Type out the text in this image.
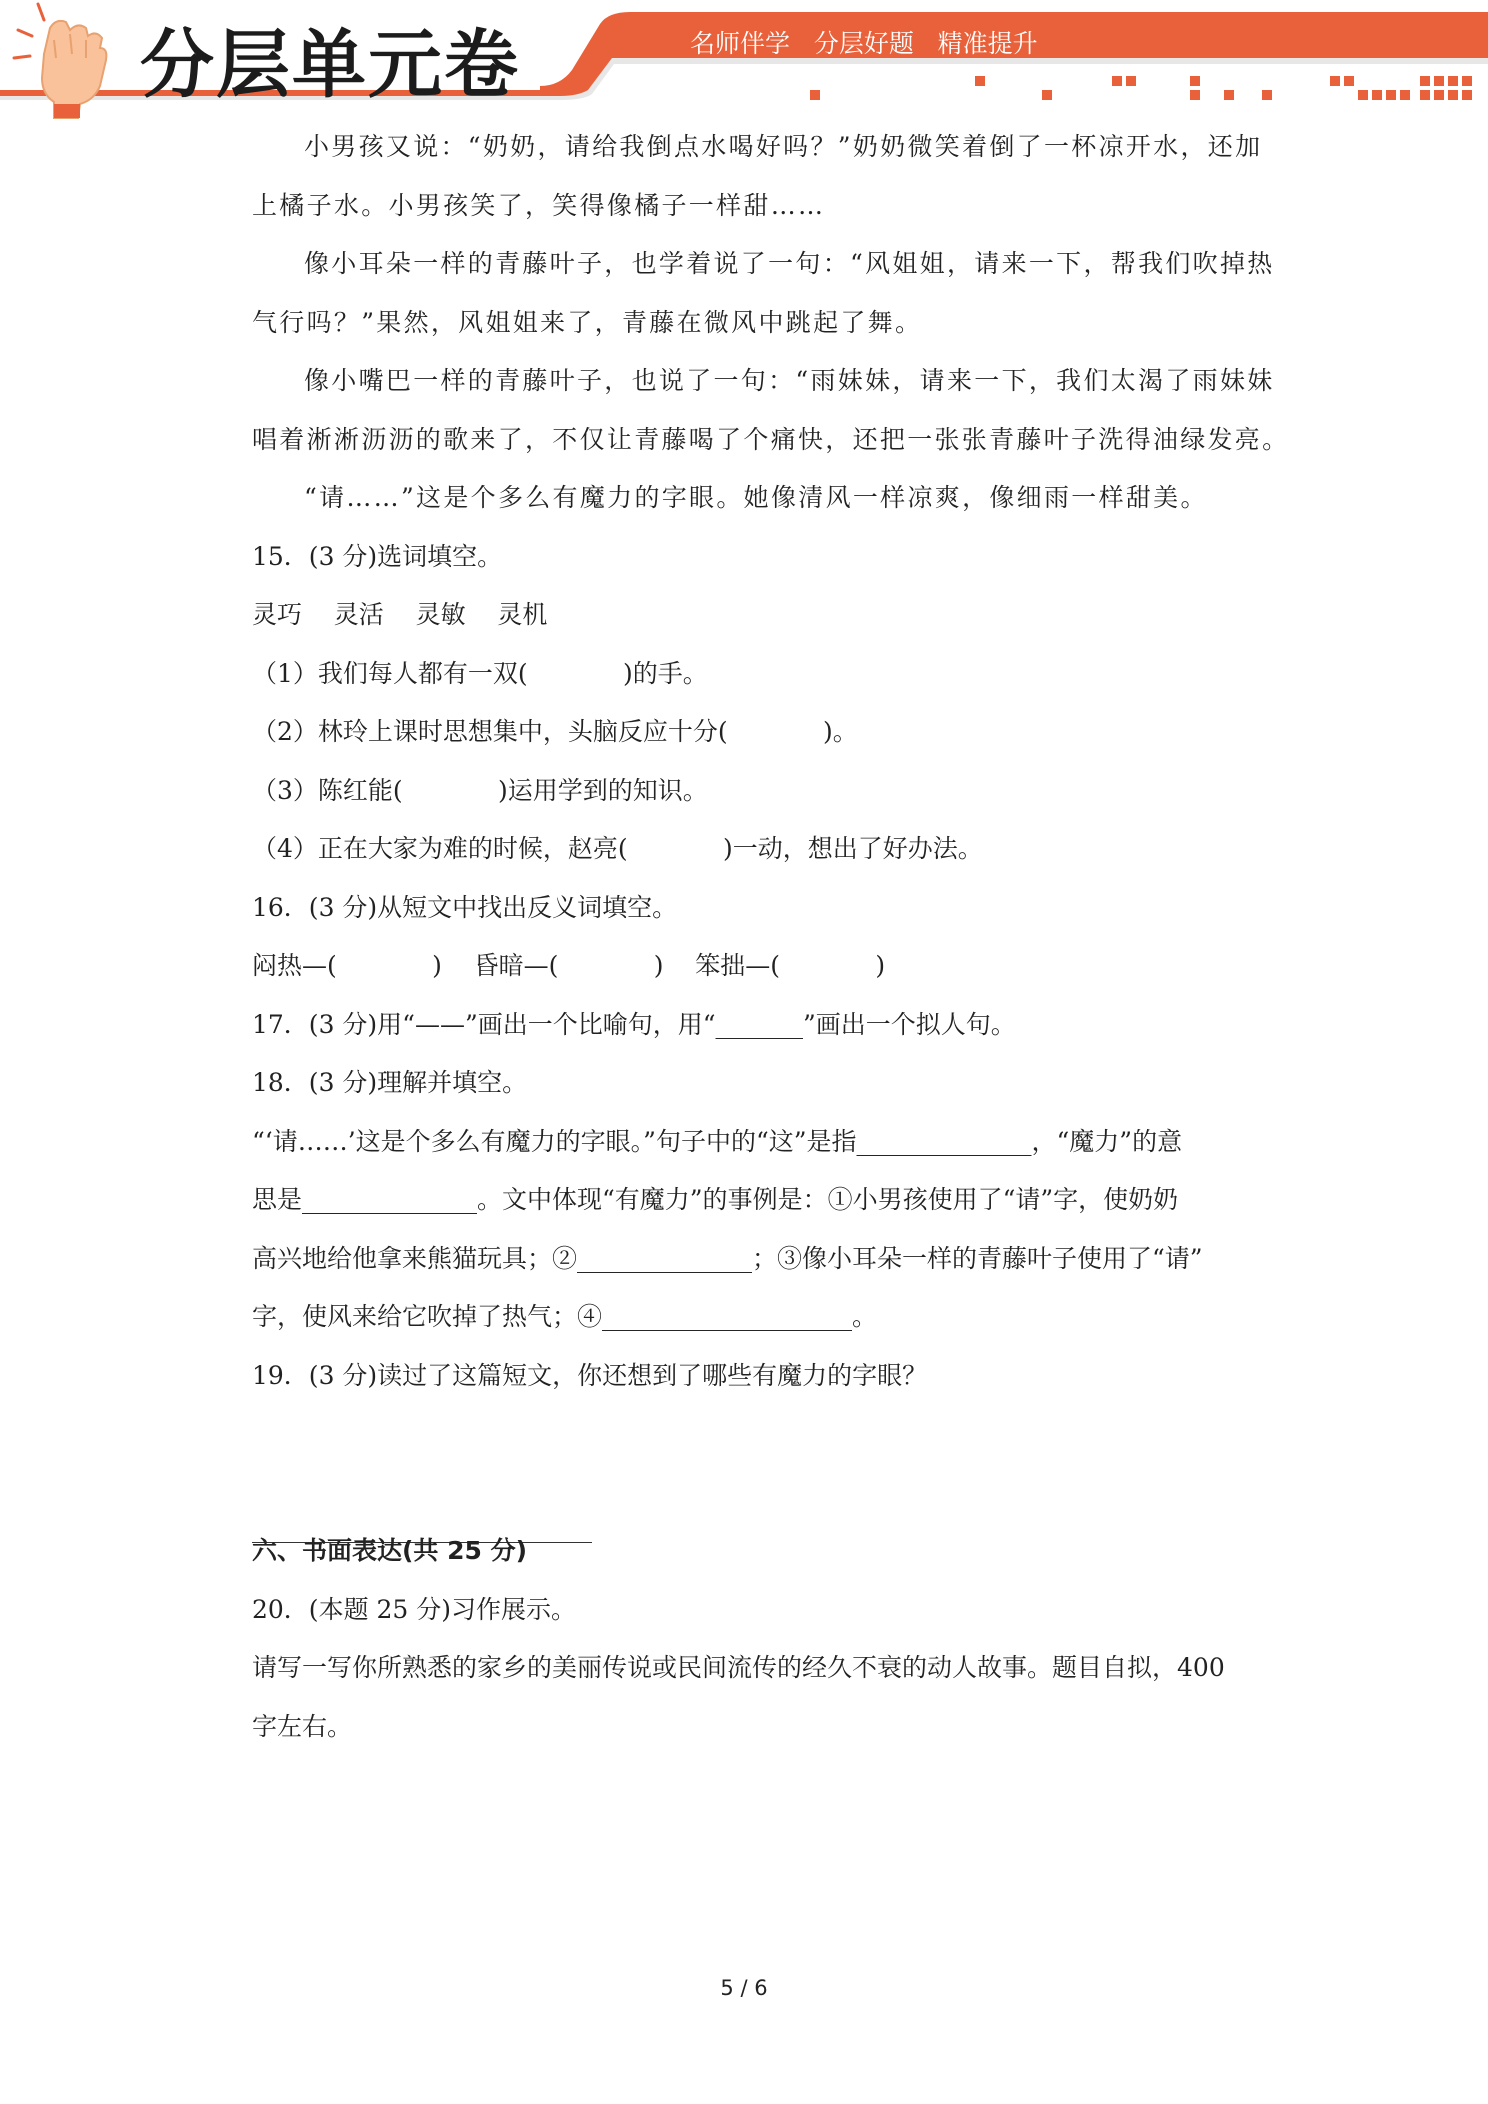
分层单元卷	名师伴学   分层好题   精准提升
小男孩又说：“奶奶，请给我倒点水喝好吗？”奶奶微笑着倒了一杯凉开水，还加
上橘子水。小男孩笑了，笑得像橘子一样甜……
像小耳朵一样的青藤叶子，也学着说了一句：“风姐姐，请来一下，帮我们吹掉热
气行吗？”果然，风姐姐来了，青藤在微风中跳起了舞。
像小嘴巴一样的青藤叶子，也说了一句：“雨妹妹，请来一下，我们太渴了雨妹妹
唱着淅淅沥沥的歌来了，不仅让青藤喝了个痛快，还把一张张青藤叶子洗得油绿发亮。
“请……”这是个多么有魔力的字眼。她像清风一样凉爽，像细雨一样甜美。
15．(3 分)选词填空。
灵巧    灵活    灵敏    灵机
（1）我们每人都有一双(            )的手。
（2）林玲上课时思想集中，头脑反应十分(            )。
（3）陈红能(            )运用学到的知识。
（4）正在大家为难的时候，赵亮(            )一动，想出了好办法。
16．(3 分)从短文中找出反义词填空。
闷热—(            )    昏暗—(            )    笨拙—(            )
17．(3 分)用“——”画出一个比喻句，用“_______”画出一个拟人句。
18．(3 分)理解并填空。
“‘请……’这是个多么有魔力的字眼。”句子中的“这”是指______________，“魔力”的意
思是______________。文中体现“有魔力”的事例是：①小男孩使用了“请”字，使奶奶
高兴地给他拿来熊猫玩具；②______________；③像小耳朵一样的青藤叶子使用了“请”
字，使风来给它吹掉了热气；④____________________。
19．(3 分)读过了这篇短文，你还想到了哪些有魔力的字眼？

六、书面表达(共 25 分)
20．(本题 25 分)习作展示。
请写一写你所熟悉的家乡的美丽传说或民间流传的经久不衰的动人故事。题目自拟，400
字左右。
5 / 6
